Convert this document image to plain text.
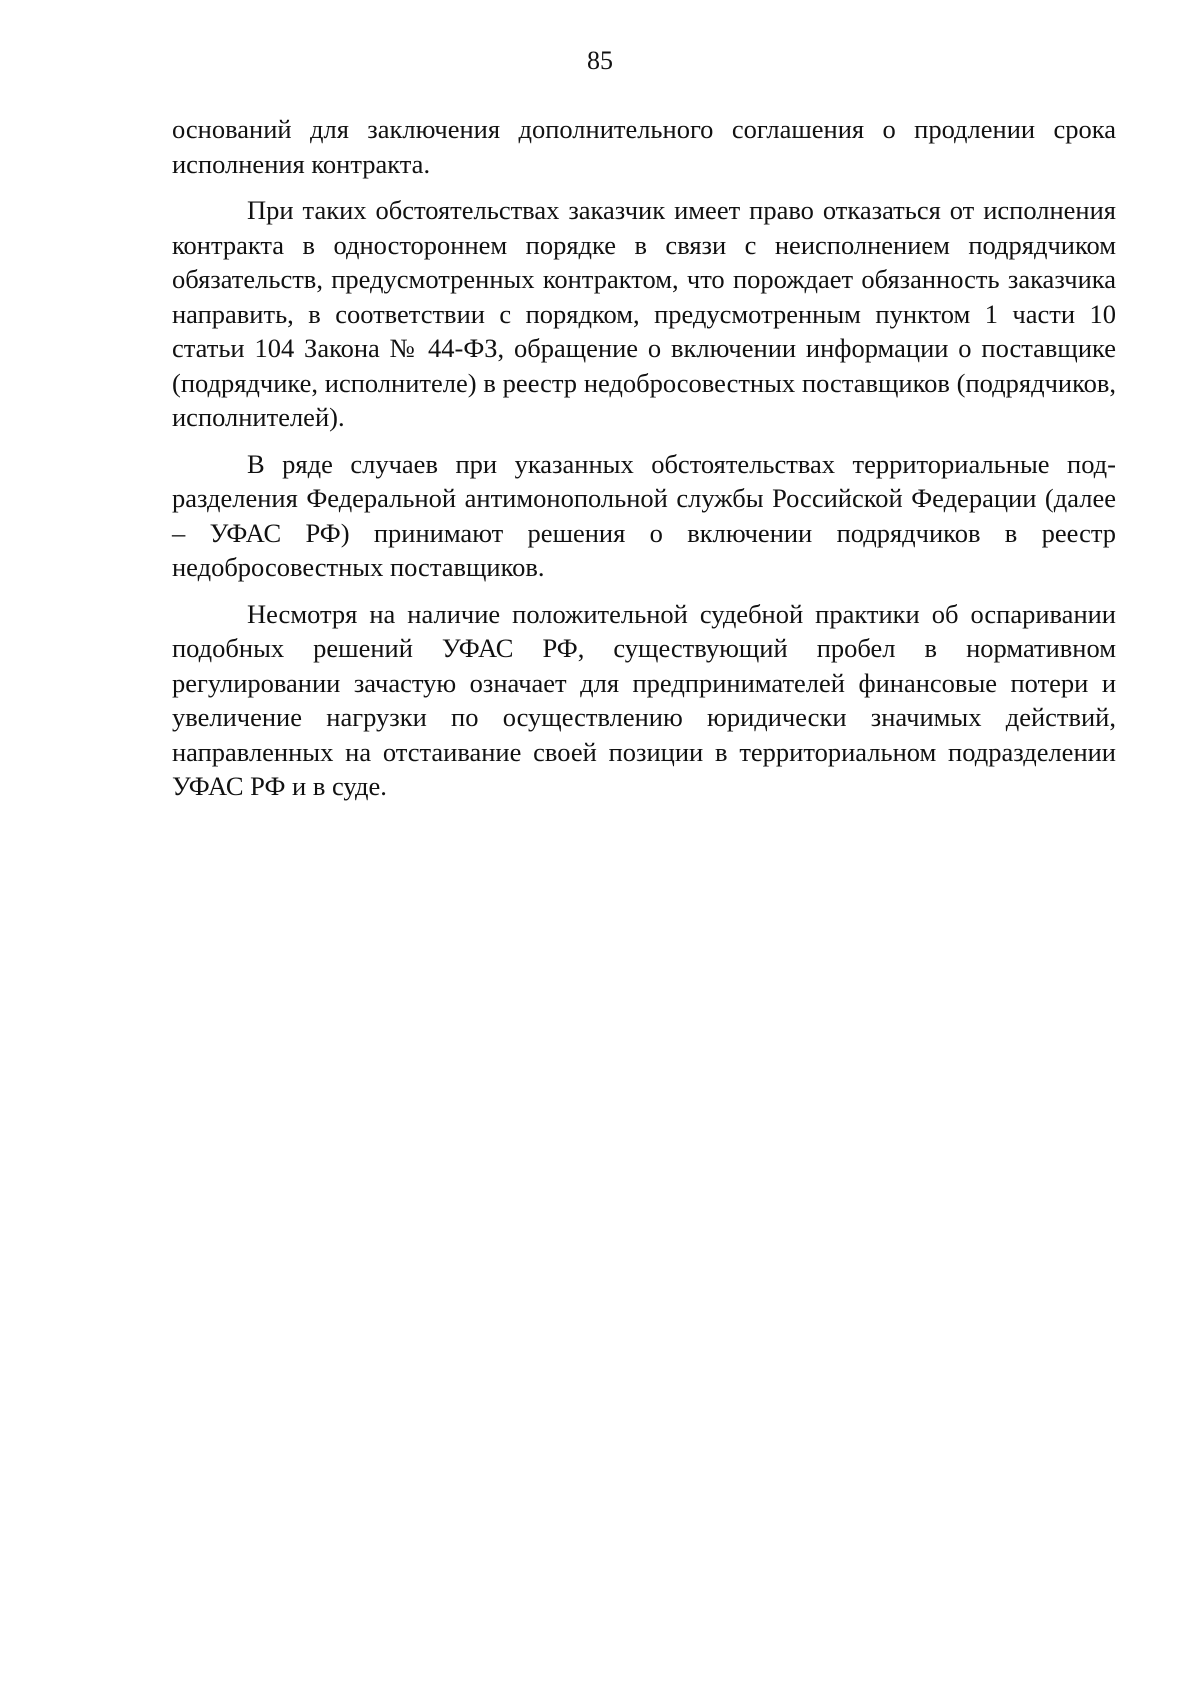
85

оснований для заключения дополнительного соглашения о продлении срока исполнения контракта.

При таких обстоятельствах заказчик имеет право отказаться от исполнения контракта в одностороннем порядке в связи с неисполнением подрядчиком обязательств, предусмотренных контрактом, что порождает обязанность заказчика направить, в соответствии с порядком, предусмотренным пунктом 1 части 10 статьи 104 Закона № 44-ФЗ, обращение о включении информации о поставщике (подрядчике, исполнителе) в реестр недобросовестных поставщиков (подрядчиков, исполнителей).

В ряде случаев при указанных обстоятельствах территориальные подразделения Федеральной антимонопольной службы Российской Федерации (далее – УФАС РФ) принимают решения о включении подрядчиков в реестр недобросовестных поставщиков.

Несмотря на наличие положительной судебной практики об оспаривании подобных решений УФАС РФ, существующий пробел в нормативном регулировании зачастую означает для предпринимателей финансовые потери и увеличение нагрузки по осуществлению юридически значимых действий, направленных на отстаивание своей позиции в территориальном подразделении УФАС РФ и в суде.
